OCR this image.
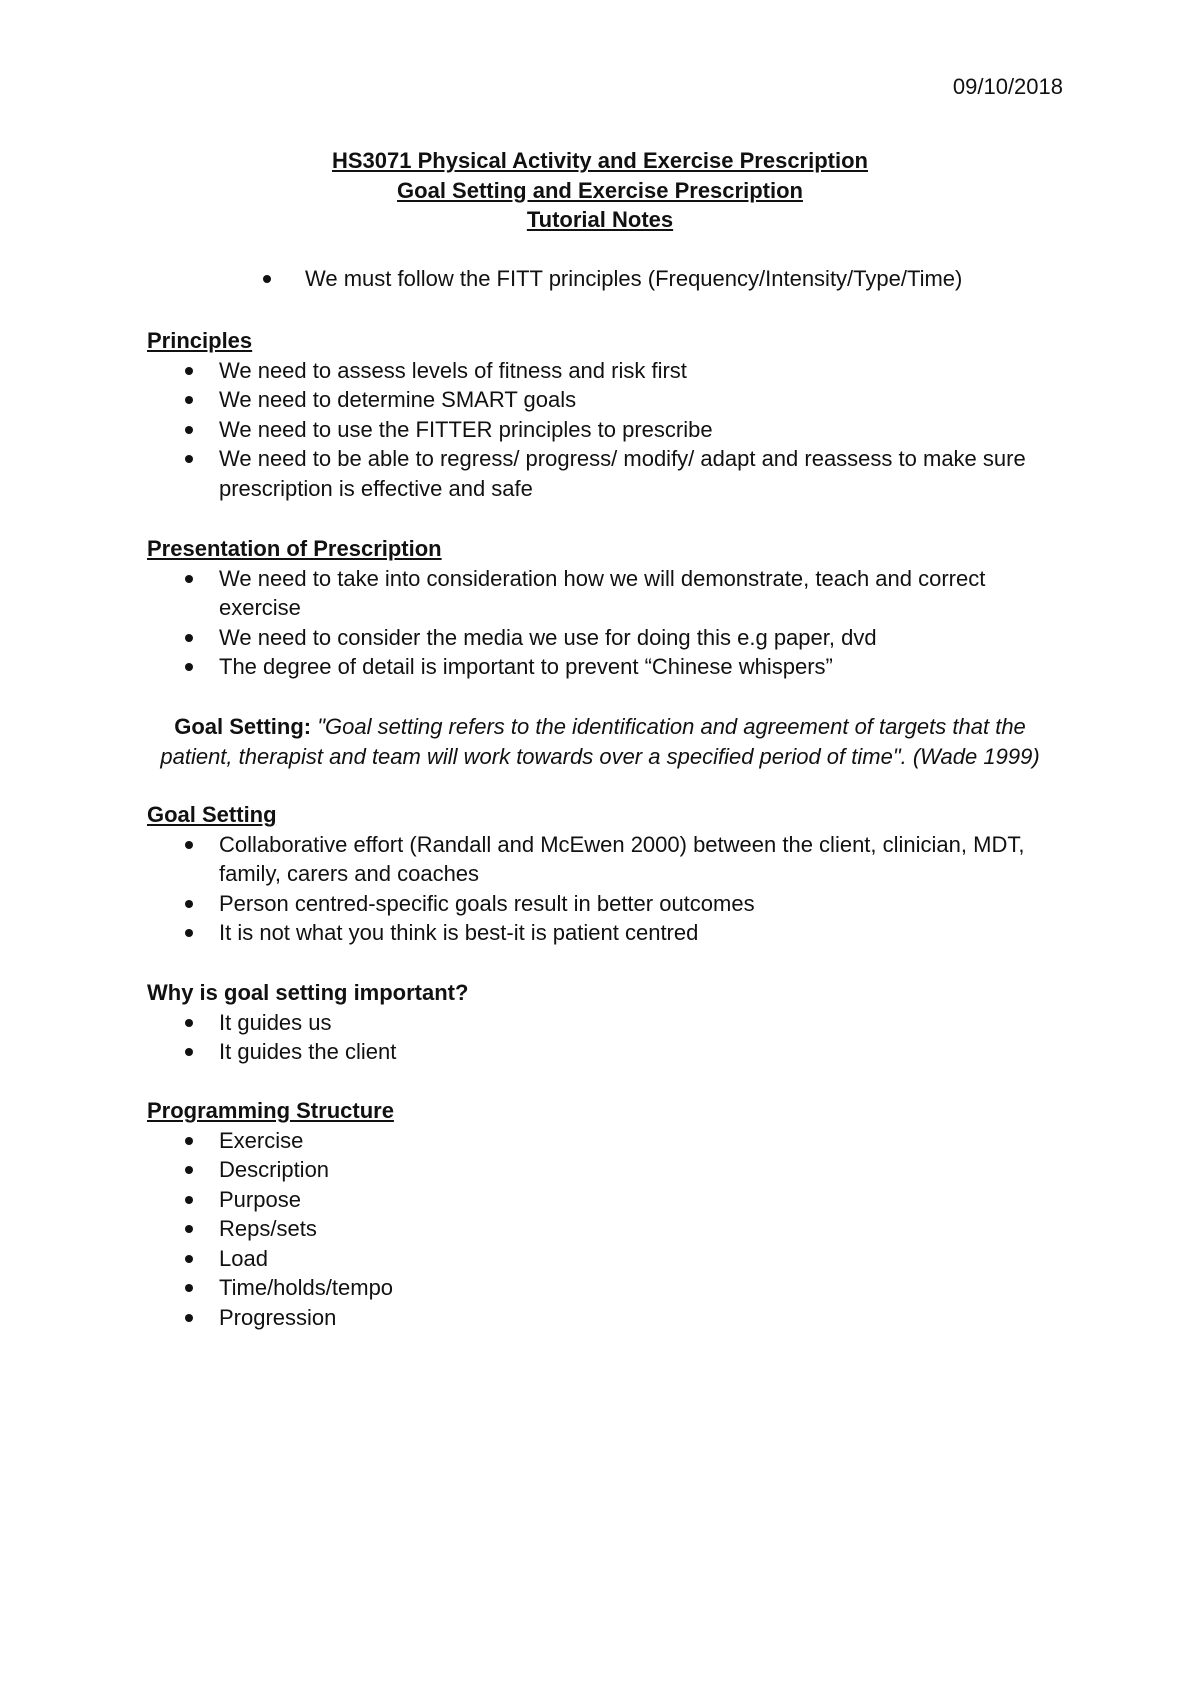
09/10/2018
HS3071 Physical Activity and Exercise Prescription
Goal Setting and Exercise Prescription
Tutorial Notes
We must follow the FITT principles (Frequency/Intensity/Type/Time)
Principles
We need to assess levels of fitness and risk first
We need to determine SMART goals
We need to use the FITTER principles to prescribe
We need to be able to regress/ progress/ modify/ adapt and reassess to make sure prescription is effective and safe
Presentation of Prescription
We need to take into consideration how we will demonstrate, teach and correct exercise
We need to consider the media we use for doing this e.g paper, dvd
The degree of detail is important to prevent “Chinese whispers”
Goal Setting: "Goal setting refers to the identification and agreement of targets that the patient, therapist and team will work towards over a specified period of time". (Wade 1999)
Goal Setting
Collaborative effort (Randall and McEwen 2000) between the client, clinician, MDT, family, carers and coaches
Person centred-specific goals result in better outcomes
It is not what you think is best-it is patient centred
Why is goal setting important?
It guides us
It guides the client
Programming Structure
Exercise
Description
Purpose
Reps/sets
Load
Time/holds/tempo
Progression
